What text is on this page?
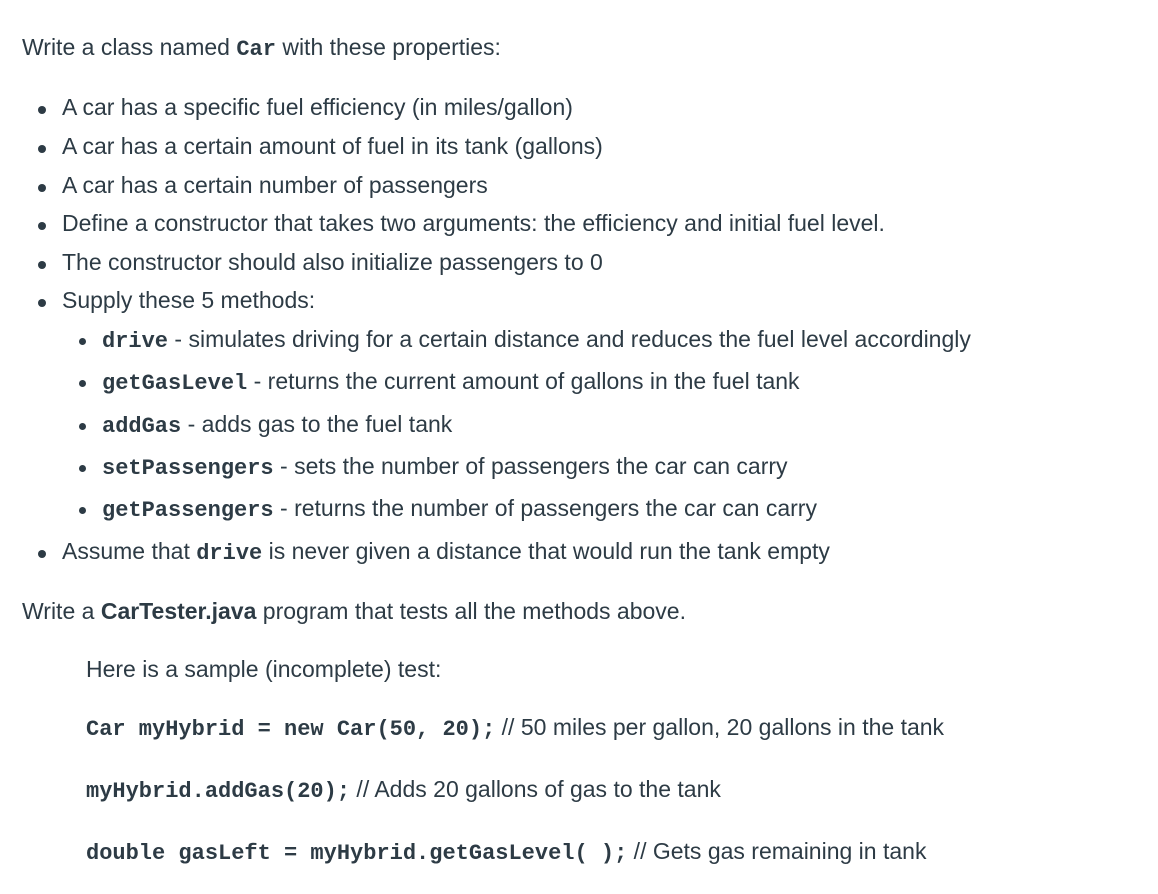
Write a class named Car with these properties:
A car has a specific fuel efficiency (in miles/gallon)
A car has a certain amount of fuel in its tank (gallons)
A car has a certain number of passengers
Define a constructor that takes two arguments: the efficiency and initial fuel level.
The constructor should also initialize passengers to 0
Supply these 5 methods:
drive - simulates driving for a certain distance and reduces the fuel level accordingly
getGasLevel - returns the current amount of gallons in the fuel tank
addGas - adds gas to the fuel tank
setPassengers - sets the number of passengers the car can carry
getPassengers - returns the number of passengers the car can carry
Assume that drive is never given a distance that would run the tank empty
Write a CarTester.java program that tests all the methods above.
Here is a sample (incomplete) test:
Car myHybrid = new Car(50, 20); // 50 miles per gallon, 20 gallons in the tank
myHybrid.addGas(20); // Adds 20 gallons of gas to the tank
double gasLeft = myHybrid.getGasLevel( ); // Gets gas remaining in tank
